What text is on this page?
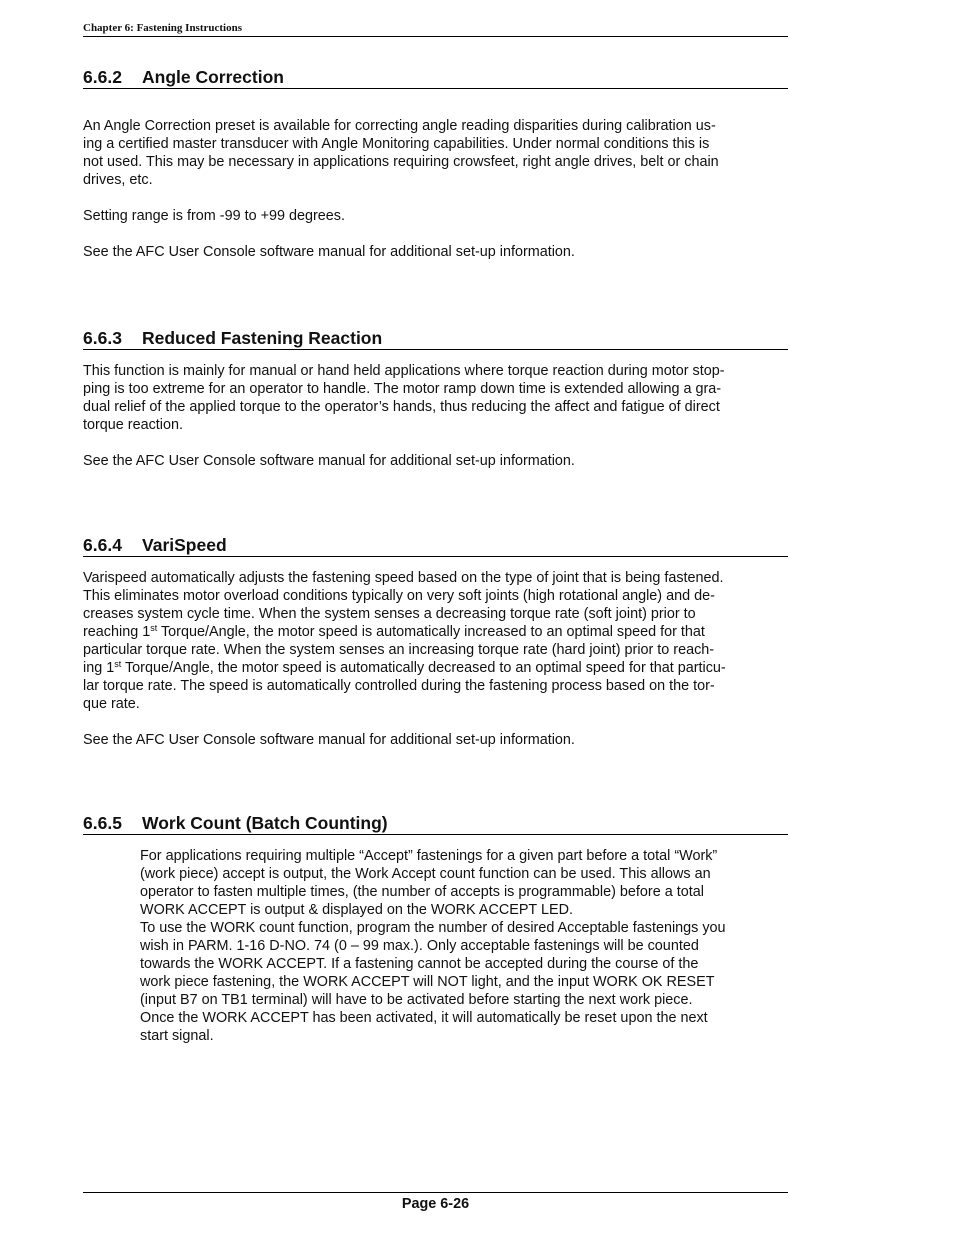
Chapter 6: Fastening Instructions
6.6.2 Angle Correction

An Angle Correction preset is available for correcting angle reading disparities during calibration us-
ing a certified master transducer with Angle Monitoring capabilities. Under normal conditions this is
not used. This may be necessary in applications requiring crowsfeet, right angle drives, belt or chain
drives, etc.

Setting range is from -99 to +99 degrees.

See the AFC User Console software manual for additional set-up information.

6.6.3 Reduced Fastening Reaction

This function is mainly for manual or hand held applications where torque reaction during motor stop-
ping is too extreme for an operator to handle. The motor ramp down time is extended allowing a gra-
dual relief of the applied torque to the operator’s hands, thus reducing the affect and fatigue of direct
torque reaction.

See the AFC User Console software manual for additional set-up information.

6.6.4 VariSpeed

Varispeed automatically adjusts the fastening speed based on the type of joint that is being fastened.
This eliminates motor overload conditions typically on very soft joints (high rotational angle) and de-
creases system cycle time. When the system senses a decreasing torque rate (soft joint) prior to
reaching 1st Torque/Angle, the motor speed is automatically increased to an optimal speed for that
particular torque rate. When the system senses an increasing torque rate (hard joint) prior to reach-
ing 1st Torque/Angle, the motor speed is automatically decreased to an optimal speed for that particu-
lar torque rate. The speed is automatically controlled during the fastening process based on the tor-
que rate.

See the AFC User Console software manual for additional set-up information.

6.6.5 Work Count (Batch Counting)

For applications requiring multiple “Accept” fastenings for a given part before a total “Work”
(work piece) accept is output, the Work Accept count function can be used. This allows an
operator to fasten multiple times, (the number of accepts is programmable) before a total
WORK ACCEPT is output & displayed on the WORK ACCEPT LED.
To use the WORK count function, program the number of desired Acceptable fastenings you
wish in PARM. 1-16 D-NO. 74 (0 – 99 max.). Only acceptable fastenings will be counted
towards the WORK ACCEPT. If a fastening cannot be accepted during the course of the
work piece fastening, the WORK ACCEPT will NOT light, and the input WORK OK RESET
(input B7 on TB1 terminal) will have to be activated before starting the next work piece.
Once the WORK ACCEPT has been activated, it will automatically be reset upon the next
start signal.

Page 6-26
